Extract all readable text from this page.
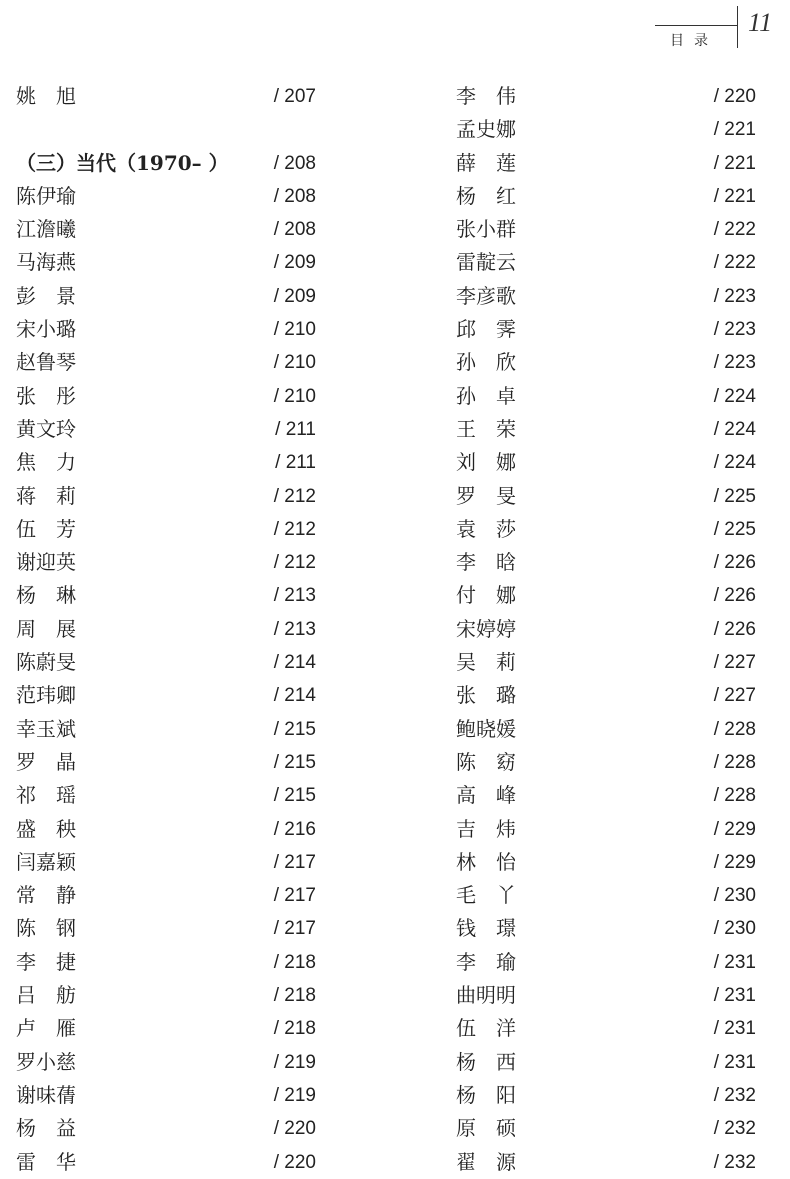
目录
11
姚 旭	/ 207
（三）当代（1970– ） / 208
陈伊瑜	/ 208
江澹曦	/ 208
马海燕	/ 209
彭 景	/ 209
宋小璐	/ 210
赵鲁琴	/ 210
张 彤	/ 210
黄文玲	/ 211
焦 力	/ 211
蒋 莉	/ 212
伍 芳	/ 212
谢迎英	/ 212
杨 琳	/ 213
周 展	/ 213
陈蔚旻	/ 214
范玮卿	/ 214
幸玉斌	/ 215
罗 晶	/ 215
祁 瑶	/ 215
盛 秧	/ 216
闫嘉颖	/ 217
常 静	/ 217
陈 钢	/ 217
李 捷	/ 218
吕 舫	/ 218
卢 雁	/ 218
罗小慈	/ 219
谢味蒨	/ 219
杨 益	/ 220
雷 华	/ 220
李 伟	/ 220
孟史娜	/ 221
薛 莲	/ 221
杨 红	/ 221
张小群	/ 222
雷靛云	/ 222
李彦歌	/ 223
邱 霁	/ 223
孙 欣	/ 223
孙 卓	/ 224
王 荣	/ 224
刘 娜	/ 224
罗 旻	/ 225
袁 莎	/ 225
李 晗	/ 226
付 娜	/ 226
宋婷婷	/ 226
吴 莉	/ 227
张 璐	/ 227
鲍晓媛	/ 228
陈 窈	/ 228
高 峰	/ 228
吉 炜	/ 229
林 怡	/ 229
毛 丫	/ 230
钱 璟	/ 230
李 瑜	/ 231
曲明明	/ 231
伍 洋	/ 231
杨 西	/ 231
杨 阳	/ 232
原 硕	/ 232
翟 源	/ 232
